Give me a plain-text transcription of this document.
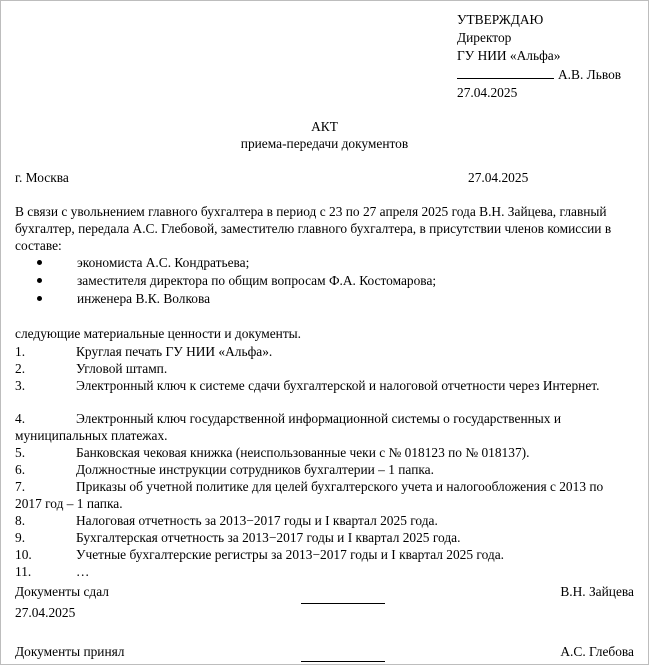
УТВЕРЖДАЮ
Директор
ГУ НИИ «Альфа»
А.В. Львов
27.04.2025
АКТ
приема-передачи документов
г. Москва	27.04.2025
В связи с увольнением главного бухгалтера в период с 23 по 27 апреля 2025 года В.Н. Зайцева, главный бухгалтер, передала А.С. Глебовой, заместителю главного бухгалтера, в присутствии членов комиссии в составе:
экономиста А.С. Кондратьева;
заместителя директора по общим вопросам Ф.А. Костомарова;
инженера В.К. Волкова
следующие материальные ценности и документы.
1.	Круглая печать ГУ НИИ «Альфа».
2.	Угловой штамп.
3.	Электронный ключ к системе сдачи бухгалтерской и налоговой отчетности через Интернет.
4.	Электронный ключ государственной информационной системы о государственных и муниципальных платежах.
5.	Банковская чековая книжка (неиспользованные чеки с № 018123 по № 018137).
6.	Должностные инструкции сотрудников бухгалтерии – 1 папка.
7.	Приказы об учетной политике для целей бухгалтерского учета и налогообложения с 2013 по 2017 год – 1 папка.
8.	Налоговая отчетность за 2013−2017 годы и I квартал 2025 года.
9.	Бухгалтерская отчетность за 2013−2017 годы и I квартал 2025 года.
10.	Учетные бухгалтерские регистры за 2013−2017 годы и I квартал 2025 года.
11.	…
Документы сдал	В.Н. Зайцева
27.04.2025
Документы принял	А.С. Глебова
